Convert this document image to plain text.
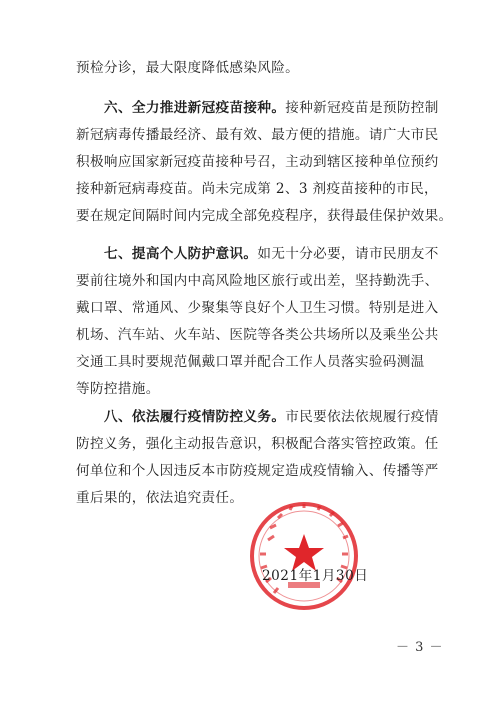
预检分诊，最大限度降低感染风险。
六、全力推进新冠疫苗接种。接种新冠疫苗是预防控制
新冠病毒传播最经济、最有效、最方便的措施。请广大市民
积极响应国家新冠疫苗接种号召，主动到辖区接种单位预约
接种新冠病毒疫苗。尚未完成第 2、3 剂疫苗接种的市民，
要在规定间隔时间内完成全部免疫程序，获得最佳保护效果。
七、提高个人防护意识。如无十分必要，请市民朋友不
要前往境外和国内中高风险地区旅行或出差，坚持勤洗手、
戴口罩、常通风、少聚集等良好个人卫生习惯。特别是进入
机场、汽车站、火车站、医院等各类公共场所以及乘坐公共
交通工具时要规范佩戴口罩并配合工作人员落实验码测温
等防控措施。
八、依法履行疫情防控义务。市民要依法依规履行疫情
防控义务，强化主动报告意识，积极配合落实管控政策。任
何单位和个人因违反本市防疫规定造成疫情输入、传播等严
重后果的，依法追究责任。
2021年1月30日
－ 3 －
